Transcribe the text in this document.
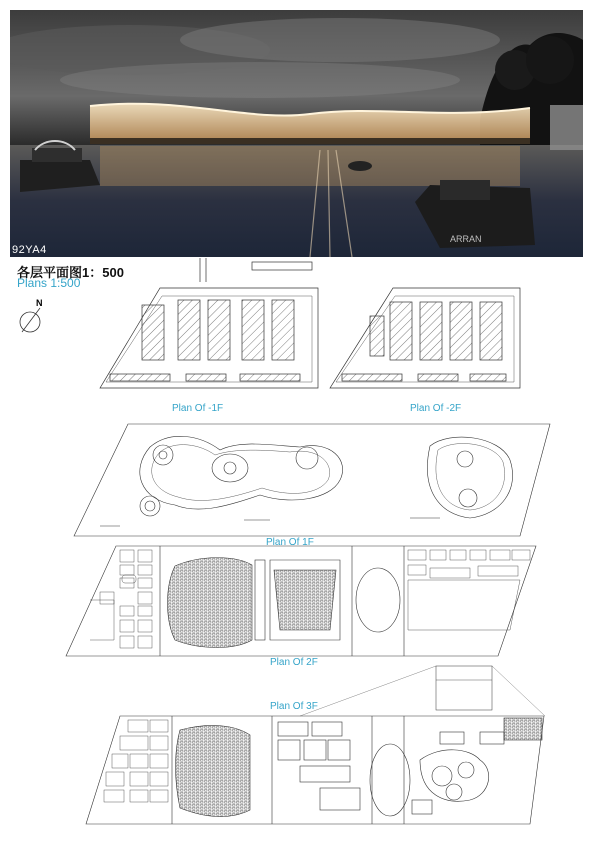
ARRAN
92YA4
各层平面图1：500
Plans 1:500
N
Plan Of -1F	Plan Of -2F
Plan Of 1F
Plan Of 2F
Plan Of 3F
